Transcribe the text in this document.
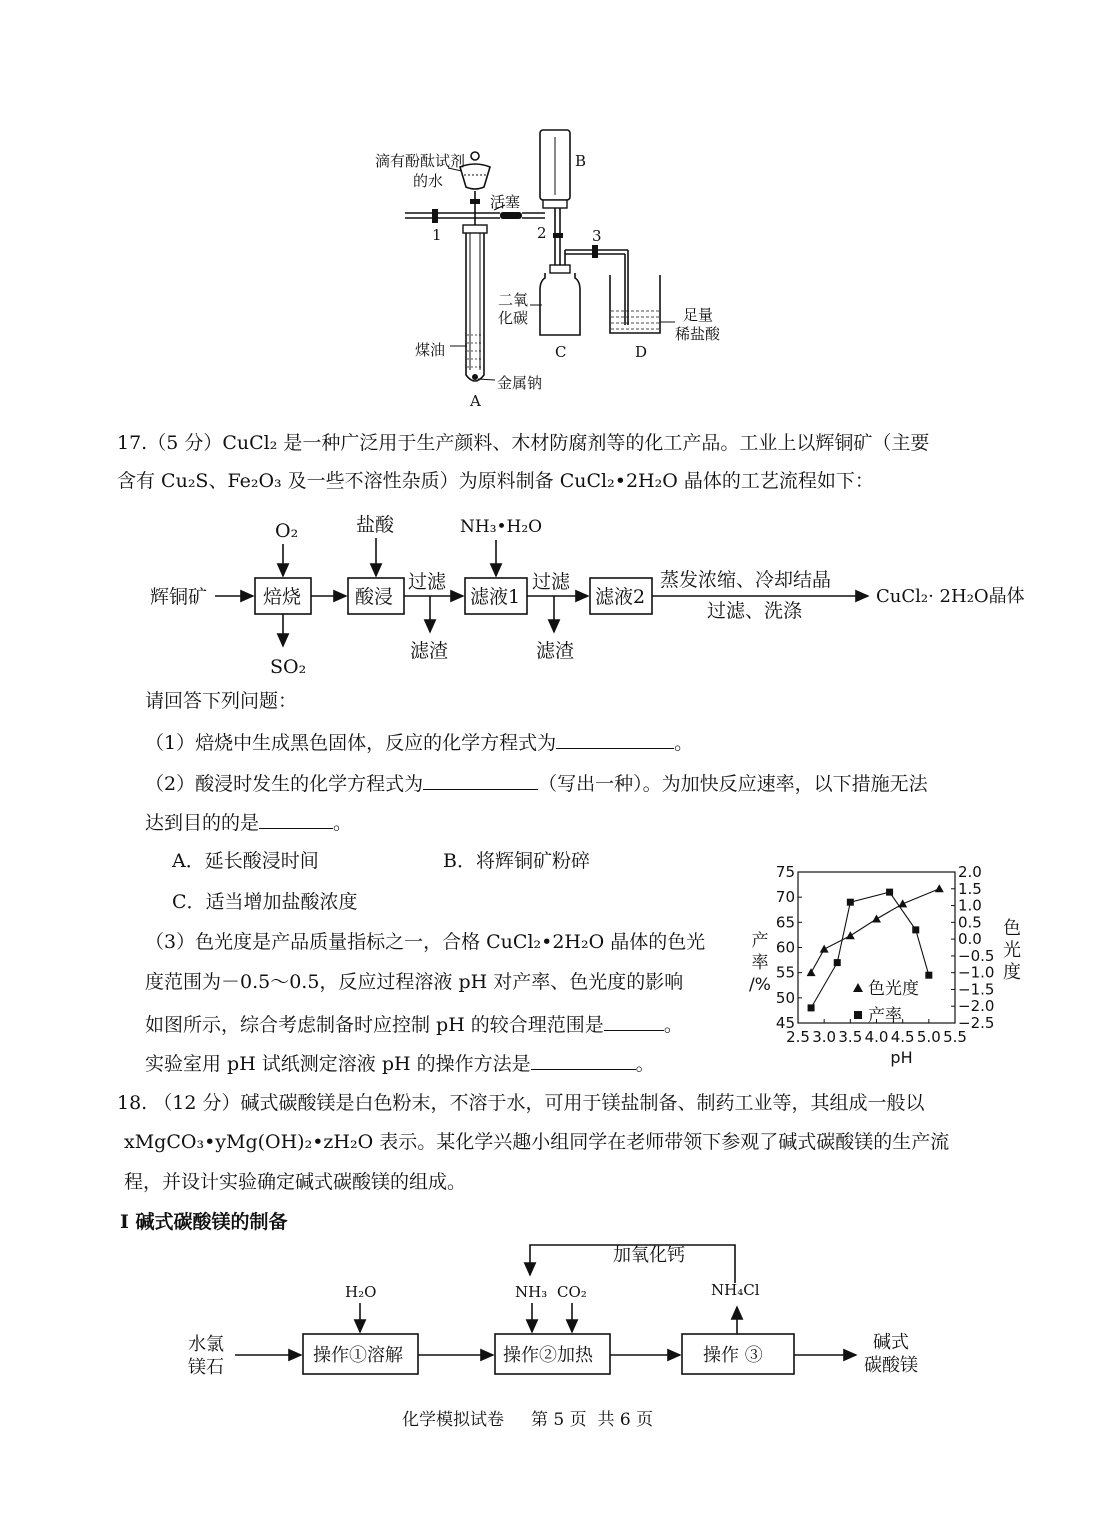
滴有酚酞试剂
的水
活塞
1	2	3
B
二氧
化碳
C	D
足量
稀盐酸
煤油
金属钠
A
17.（5 分）CuCl₂ 是一种广泛用于生产颜料、木材防腐剂等的化工产品。工业上以辉铜矿（主要
含有 Cu₂S、Fe₂O₃ 及一些不溶性杂质）为原料制备 CuCl₂•2H₂O 晶体的工艺流程如下：
辉铜矿	焙烧	酸浸	滤液1	滤液2
O₂	盐酸	NH₃•H₂O
过滤	过滤
SO₂
滤渣	滤渣
蒸发浓缩、冷却结晶
过滤、洗涤
CuCl₂· 2H₂O晶体
请回答下列问题：
（1）焙烧中生成黑色固体，反应的化学方程式为	。
（2）酸浸时发生的化学方程式为	（写出一种）。为加快反应速率，以下措施无法
达到目的的是	。
A．延长酸浸时间	B．将辉铜矿粉碎
C．适当增加盐酸浓度
（3）色光度是产品质量指标之一，合格 CuCl₂•2H₂O 晶体的色光
度范围为－0.5～0.5，反应过程溶液 pH 对产率、色光度的影响
如图所示，综合考虑制备时应控制 pH 的较合理范围是	。
实验室用 pH 试纸测定溶液 pH 的操作方法是	。
2.5 3.0 3.5 4.0 4.5 5.0 5.5
75
70
65
60
55
50
45
2.0
1.5
1.0
0.5
0.0
−0.5
−1.0
−1.5
−2.0
−2.5
pH
产
率
/%
色
光
度
色光度
产率
18. （12 分）碱式碳酸镁是白色粉末，不溶于水，可用于镁盐制备、制药工业等，其组成一般以
xMgCO₃•yMg(OH)₂•zH₂O 表示。某化学兴趣小组同学在老师带领下参观了碱式碳酸镁的生产流
程，并设计实验确定碱式碳酸镁的组成。
Ⅰ 碱式碳酸镁的制备
水氯
镁石
操作①溶解	操作②加热	操作 ③
H₂O	NH₃ CO₂	NH₄Cl
加氧化钙
碱式
碳酸镁
化学模拟试卷     第 5 页  共 6 页
